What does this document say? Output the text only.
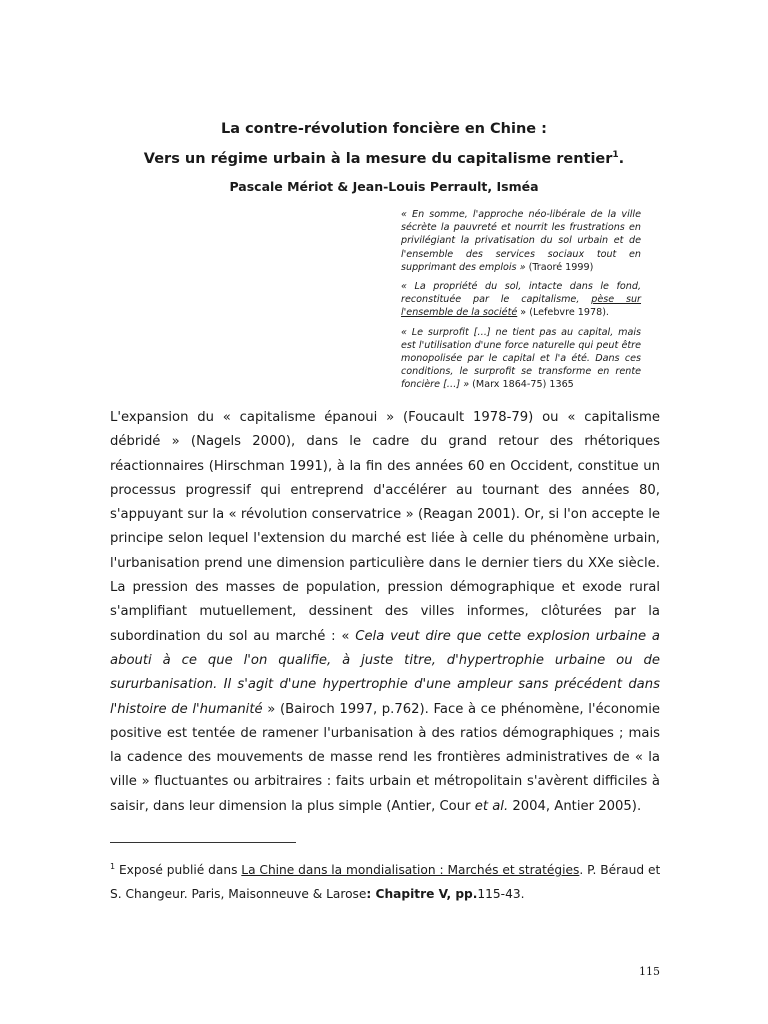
La contre-révolution foncière en Chine :
Vers un régime urbain à la mesure du capitalisme rentier$^1$.

Pascale Mériot & Jean-Louis Perrault, Isméa

« En somme, l'approche néo-libérale de la ville sécrète la pauvreté et nourrit les frustrations en privilégiant la privatisation du sol urbain et de l'ensemble des services sociaux tout en supprimant des emplois » (Traoré 1999)

« La propriété du sol, intacte dans le fond, reconstituée par le capitalisme, pèse sur l'ensemble de la société » (Lefebvre 1978).

« Le surprofit […] ne tient pas au capital, mais est l'utilisation d'une force naturelle qui peut être monopolisée par le capital et l'a été. Dans ces conditions, le surprofit se transforme en rente foncière […] » (Marx 1864-75) 1365

L'expansion du « capitalisme épanoui » (Foucault 1978-79) ou « capitalisme débridé » (Nagels 2000), dans le cadre du grand retour des rhétoriques réactionnaires (Hirschman 1991), à la fin des années 60 en Occident, constitue un processus progressif qui entreprend d'accélérer au tournant des années 80, s'appuyant sur la « révolution conservatrice » (Reagan 2001). Or, si l'on accepte le principe selon lequel l'extension du marché est liée à celle du phénomène urbain, l'urbanisation prend une dimension particulière dans le dernier tiers du XXe siècle. La pression des masses de population, pression démographique et exode rural s'amplifiant mutuellement, dessinent des villes informes, clôturées par la subordination du sol au marché : « Cela veut dire que cette explosion urbaine a abouti à ce que l'on qualifie, à juste titre, d'hypertrophie urbaine ou de sururbanisation. Il s'agit d'une hypertrophie d'une ampleur sans précédent dans l'histoire de l'humanité » (Bairoch 1997, p.762). Face à ce phénomène, l'économie positive est tentée de ramener l'urbanisation à des ratios démographiques ; mais la cadence des mouvements de masse rend les frontières administratives de « la ville » fluctuantes ou arbitraires : faits urbain et métropolitain s'avèrent difficiles à saisir, dans leur dimension la plus simple (Antier, Cour et al. 2004, Antier 2005).

$^1$ Exposé publié dans La Chine dans la mondialisation : Marchés et stratégies. P. Béraud et S. Changeur. Paris, Maisonneuve & Larose: Chapitre V, pp.115-43.

115
